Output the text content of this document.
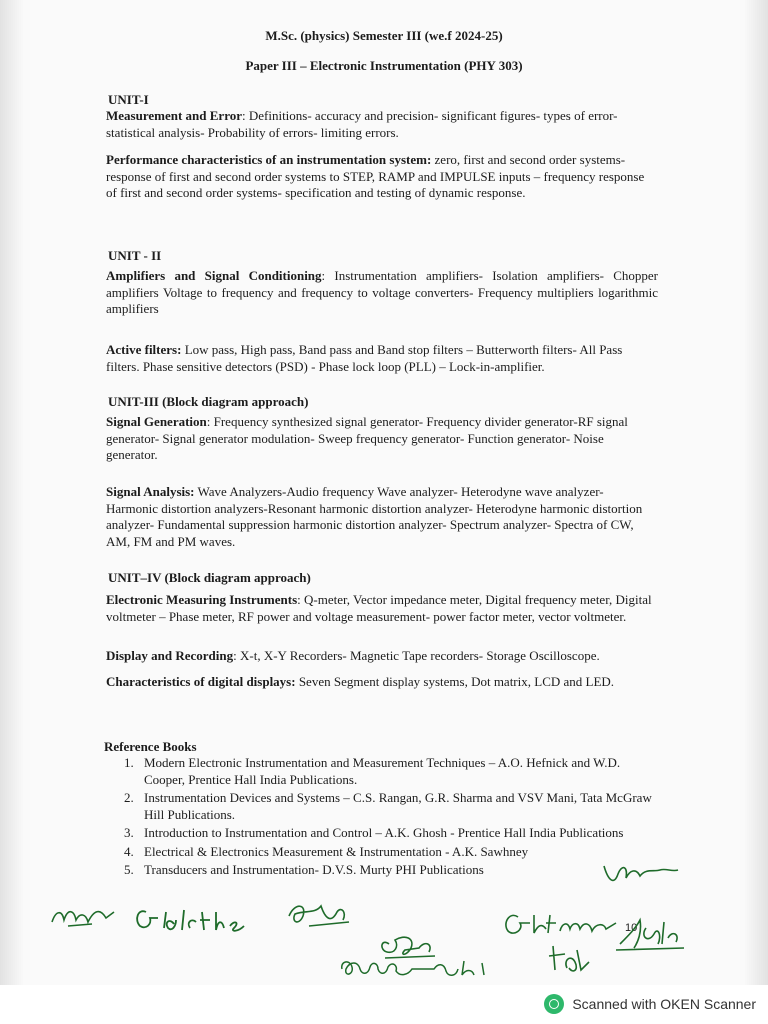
M.Sc. (physics) Semester III (we.f 2024-25)
Paper III – Electronic Instrumentation (PHY 303)
UNIT-I

Measurement and Error: Definitions- accuracy and precision- significant figures- types of error- statistical analysis- Probability of errors- limiting errors.

Performance characteristics of an instrumentation system: zero, first and second order systems- response of first and second order systems to STEP, RAMP and IMPULSE inputs – frequency response of first and second order systems- specification and testing of dynamic response.

UNIT - II

Amplifiers and Signal Conditioning: Instrumentation amplifiers- Isolation amplifiers- Chopper amplifiers Voltage to frequency and frequency to voltage converters- Frequency multipliers logarithmic amplifiers

Active filters: Low pass, High pass, Band pass and Band stop filters – Butterworth filters- All Pass filters. Phase sensitive detectors (PSD) - Phase lock loop (PLL) – Lock-in-amplifier.

UNIT-III (Block diagram approach)

Signal Generation: Frequency synthesized signal generator- Frequency divider generator-RF signal generator- Signal generator modulation- Sweep frequency generator- Function generator- Noise generator.

Signal Analysis: Wave Analyzers-Audio frequency Wave analyzer- Heterodyne wave analyzer- Harmonic distortion analyzers-Resonant harmonic distortion analyzer- Heterodyne harmonic distortion analyzer- Fundamental suppression harmonic distortion analyzer- Spectrum analyzer- Spectra of CW, AM, FM and PM waves.

UNIT–IV (Block diagram approach)

Electronic Measuring Instruments: Q-meter, Vector impedance meter, Digital frequency meter, Digital voltmeter – Phase meter, RF power and voltage measurement- power factor meter, vector voltmeter.

Display and Recording: X-t, X-Y Recorders- Magnetic Tape recorders- Storage Oscilloscope.

Characteristics of digital displays: Seven Segment display systems, Dot matrix, LCD and LED.

Reference Books
1. Modern Electronic Instrumentation and Measurement Techniques – A.O. Hefnick and W.D. Cooper, Prentice Hall India Publications.
2. Instrumentation Devices and Systems – C.S. Rangan, G.R. Sharma and VSV Mani, Tata McGraw Hill Publications.
3. Introduction to Instrumentation and Control – A.K. Ghosh - Prentice Hall India Publications
4. Electrical & Electronics Measurement & Instrumentation - A.K. Sawhney
5. Transducers and Instrumentation- D.V.S. Murty PHI Publications
10
Scanned with OKEN Scanner
